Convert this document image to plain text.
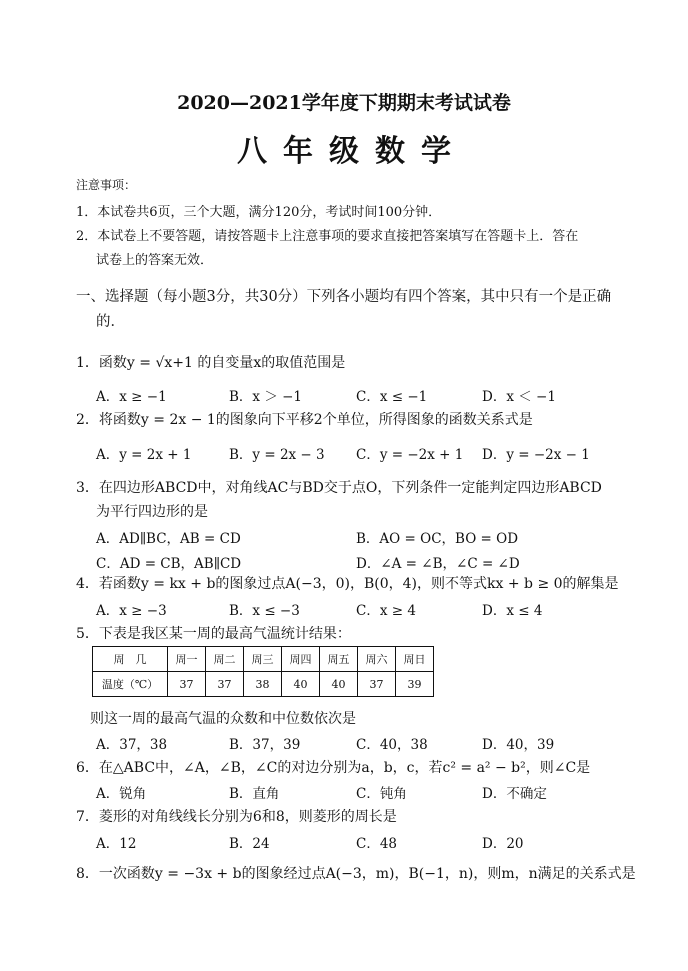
2020—2021学年度下期期末考试试卷
八年级数学
注意事项：
1．本试卷共6页，三个大题，满分120分，考试时间100分钟．
2．本试卷上不要答题，请按答题卡上注意事项的要求直接把答案填写在答题卡上．答在
试卷上的答案无效．
一、选择题（每小题3分，共30分）下列各小题均有四个答案，其中只有一个是正确
的．
1．函数y = √x+1 的自变量x的取值范围是
A．x ≥ −1	B．x ＞ −1	C．x ≤ −1	D．x ＜ −1
2．将函数y = 2x − 1的图象向下平移2个单位，所得图象的函数关系式是
A．y = 2x + 1	B．y = 2x − 3 C．y = −2x + 1 D．y = −2x − 1
3．在四边形ABCD中，对角线AC与BD交于点O，下列条件一定能判定四边形ABCD
为平行四边形的是
A．AD∥BC，AB = CD	B．AO = OC，BO = OD
C．AD = CB，AB∥CD	D．∠A = ∠B，∠C = ∠D
4．若函数y = kx + b的图象过点A(−3，0)，B(0，4)，则不等式kx + b ≥ 0的解集是
A．x ≥ −3	B．x ≤ −3	C．x ≥ 4	D．x ≤ 4
5．下表是我区某一周的最高气温统计结果：
周　几	周一	周二	周三	周四	周五	周六	周日
温度（℃）	37	37	38	40	40	37	39
则这一周的最高气温的众数和中位数依次是
A．37，38	B．37，39	C．40，38	D．40，39
6．在△ABC中，∠A，∠B，∠C的对边分别为a，b，c，若c² = a² − b²，则∠C是
A．锐角	B．直角	C．钝角	D．不确定
7．菱形的对角线线长分别为6和8，则菱形的周长是
A．12	B．24	C．48	D．20
8．一次函数y = −3x + b的图象经过点A(−3，m)，B(−1，n)，则m，n满足的关系式是
